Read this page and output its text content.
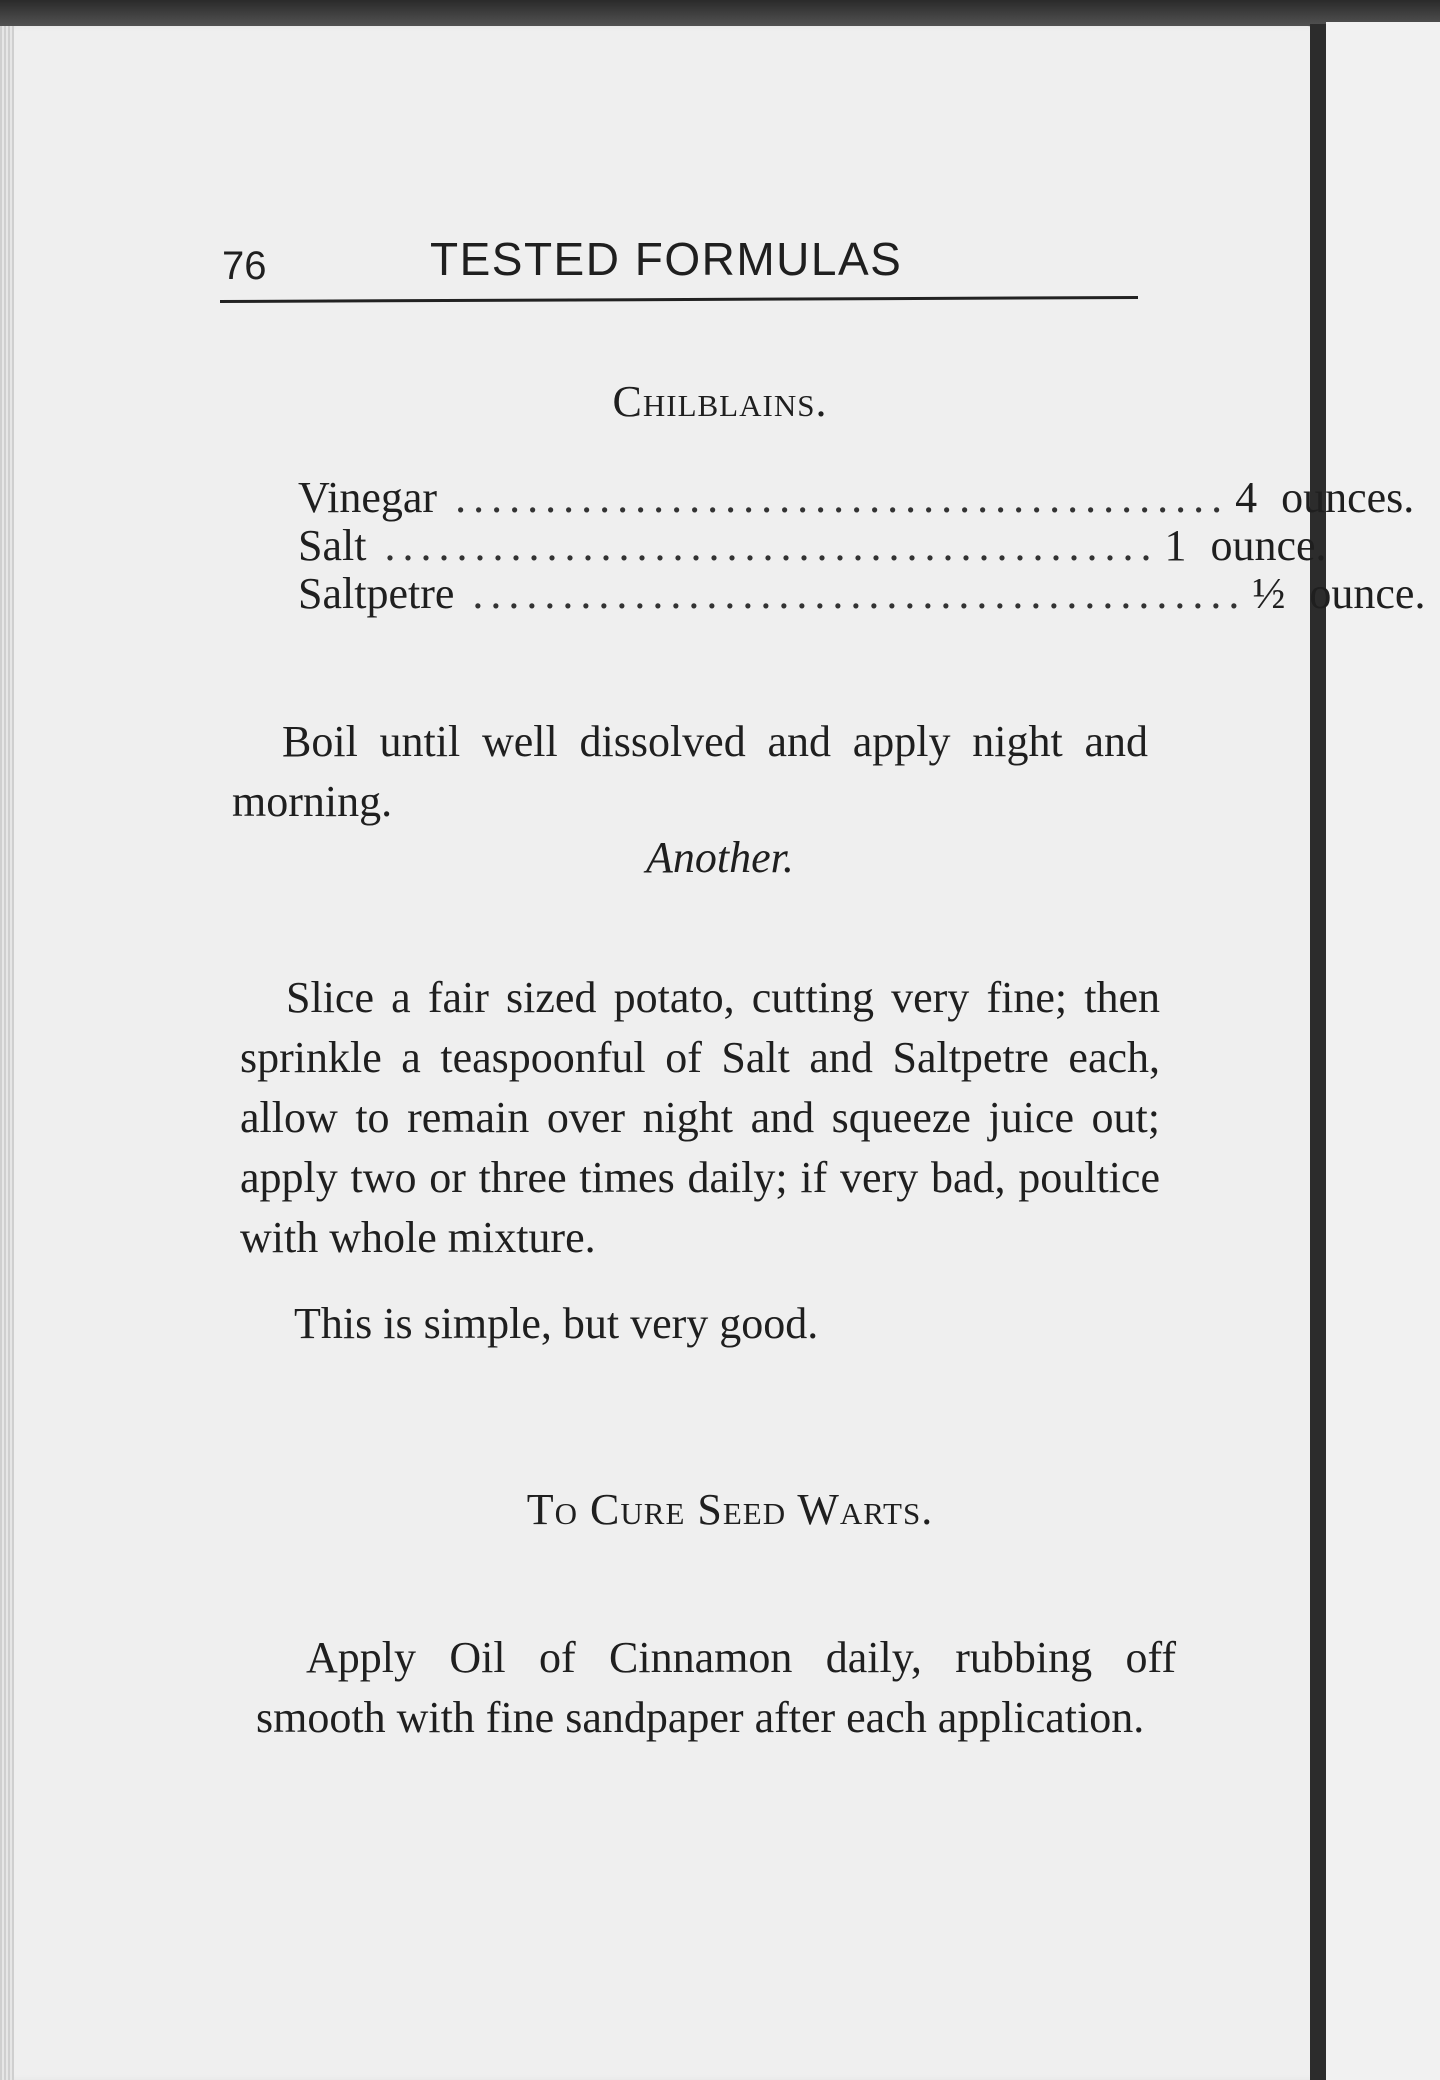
76	TESTED FORMULAS
Chilblains.
Vinegar ........................................... 4 ounces.
Salt ........................................... 1 ounce.
Saltpetre ........................................... ½ ounce.

Boil until well dissolved and apply night and morning.

Another.

Slice a fair sized potato, cutting very fine; then sprinkle a teaspoonful of Salt and Saltpetre each, allow to remain over night and squeeze juice out; apply two or three times daily; if very bad, poultice with whole mixture.

This is simple, but very good.

To Cure Seed Warts.

Apply Oil of Cinnamon daily, rubbing off smooth with fine sandpaper after each application.
